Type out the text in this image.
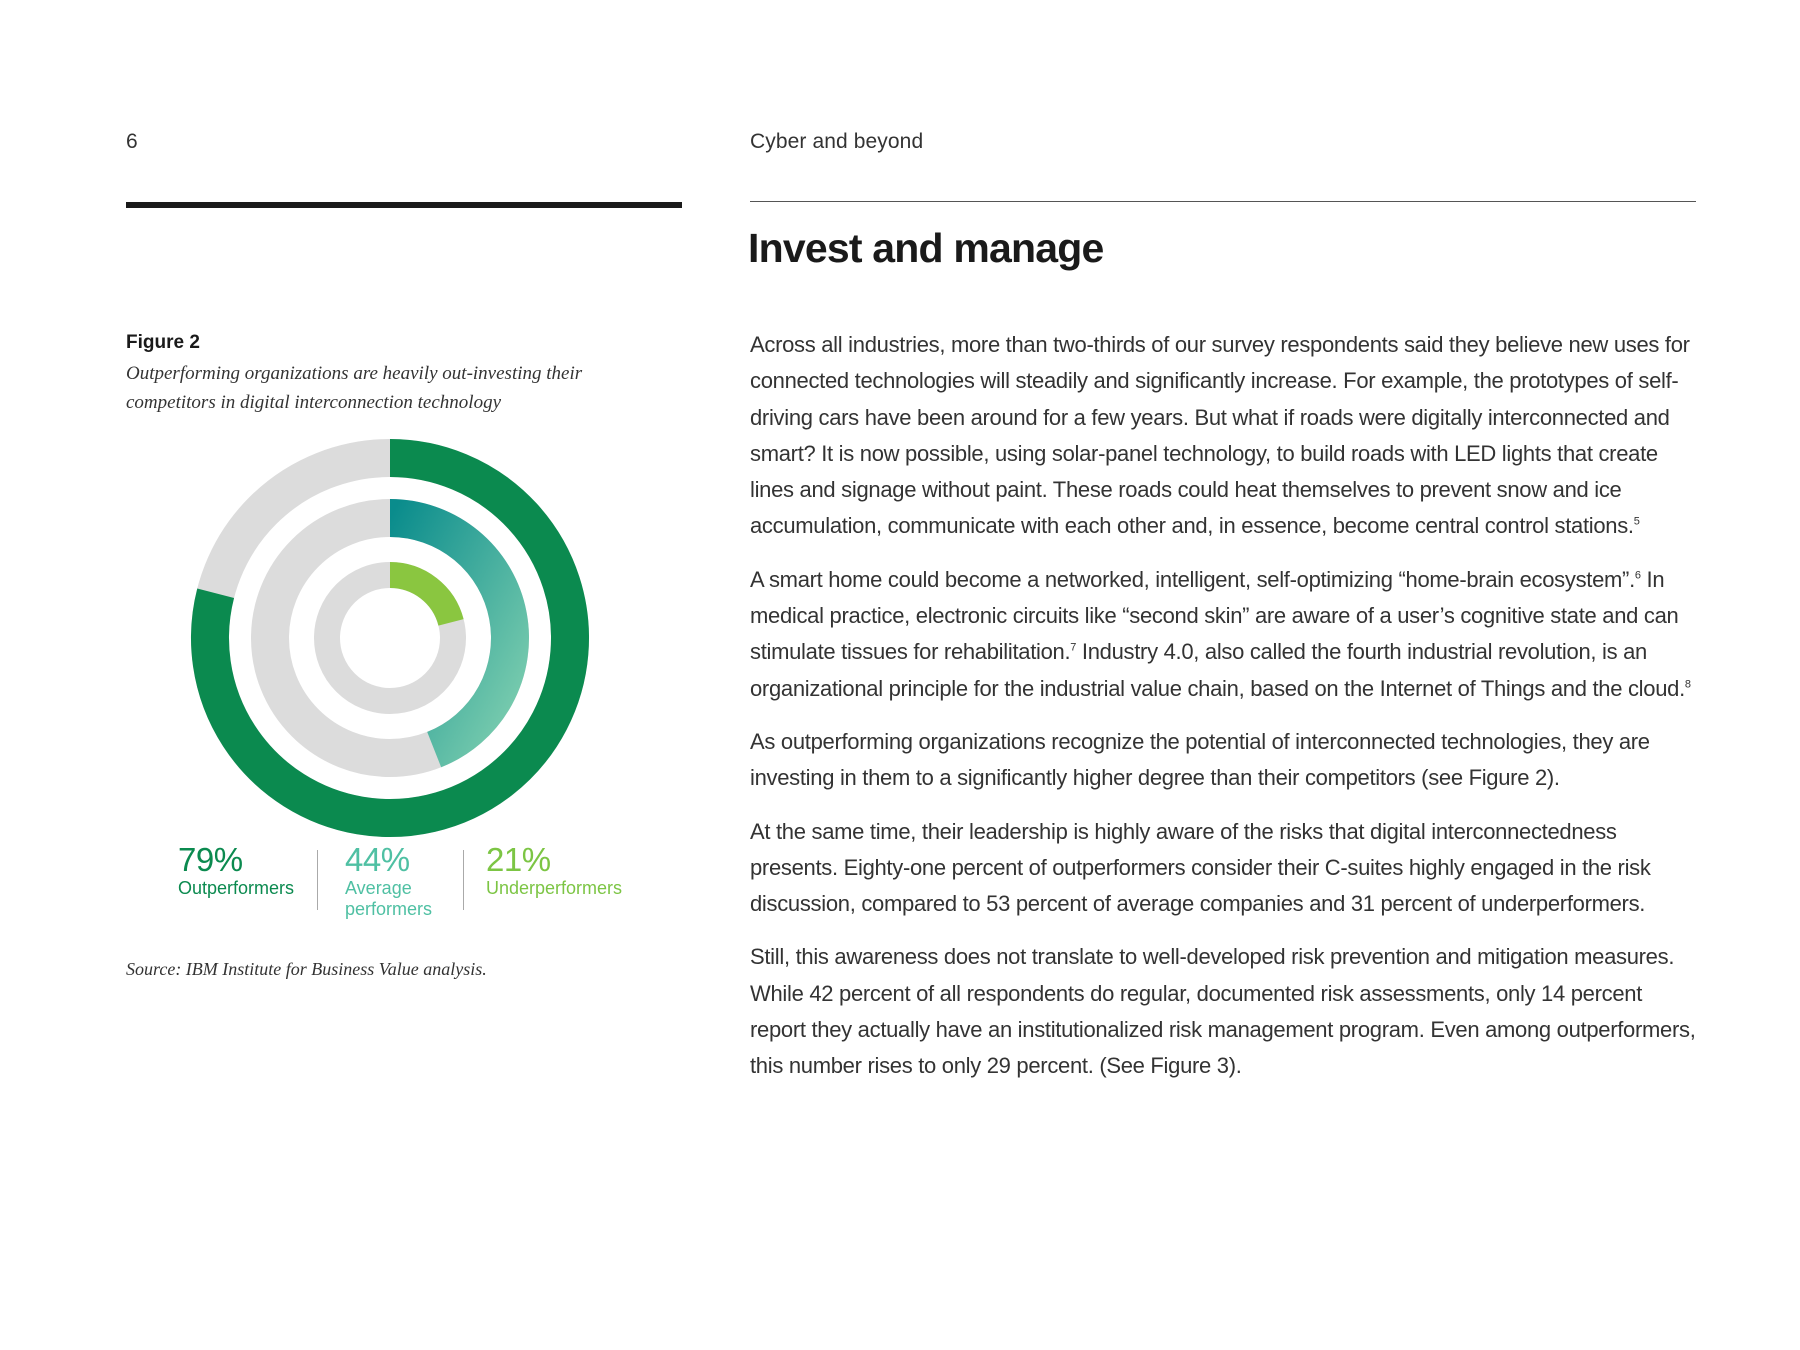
6	Cyber and beyond
Invest and manage
Figure 2
Outperforming organizations are heavily out-investing their competitors in digital interconnection technology
79%
Outperformers
44%
Average performers
21%
Underperformers
Source: IBM Institute for Business Value analysis.

Across all industries, more than two-thirds of our survey respondents said they believe new uses for connected technologies will steadily and significantly increase. For example, the prototypes of self-driving cars have been around for a few years. But what if roads were digitally interconnected and smart? It is now possible, using solar-panel technology, to build roads with LED lights that create lines and signage without paint. These roads could heat themselves to prevent snow and ice accumulation, communicate with each other and, in essence, become central control stations.$^5$

A smart home could become a networked, intelligent, self-optimizing “home-brain ecosystem”.$^6$ In medical practice, electronic circuits like “second skin” are aware of a user’s cognitive state and can stimulate tissues for rehabilitation.$^7$ Industry 4.0, also called the fourth industrial revolution, is an organizational principle for the industrial value chain, based on the Internet of Things and the cloud.$^8$

As outperforming organizations recognize the potential of interconnected technologies, they are investing in them to a significantly higher degree than their competitors (see Figure 2).

At the same time, their leadership is highly aware of the risks that digital interconnectedness presents. Eighty-one percent of outperformers consider their C-suites highly engaged in the risk discussion, compared to 53 percent of average companies and 31 percent of underperformers.

Still, this awareness does not translate to well-developed risk prevention and mitigation measures. While 42 percent of all respondents do regular, documented risk assessments, only 14 percent report they actually have an institutionalized risk management program. Even among outperformers, this number rises to only 29 percent. (See Figure 3).
